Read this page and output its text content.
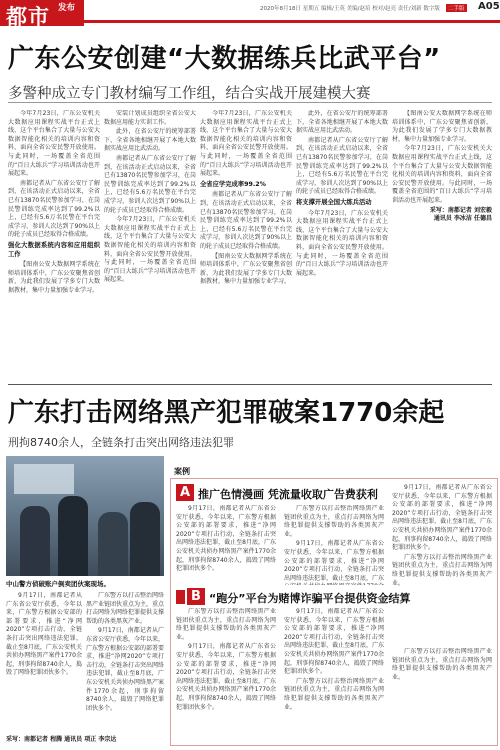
都市 发布	2020年8月18日 星期五 编辑/王英 美编/赵培 校对/赵亮 责任/刘新 数字版	二手版 A05
广东公安创建“大数据练兵比武平台”
多警种成立专门教材编写工作组，结合实战开展建模大赛

今年7月23日，广东公安机关大数据应用课程实战平台正式上线，这个平台集合了大量与公安大数据智能化相关的培训内容和资料，面向全省公安民警开放使用。与此同时，一场覆盖全省范围的“百日大练兵”学习培训活动也开展起来。

南都记者从广东省公安厅了解到，在该活动正式启动以来，全省已有13870名民警参加学习，在岗民警训练完成率达到了99.2%以上，已经有5.6万名民警在平台完成学习，参训人次达到了90%以上的轮子成员已经取得合格成绩。

强化大数据系统内容和应用组织工作

【图南公安大数据网学系统在师培训体系中，广东公安聚焦省创新，为此我们发展了学多专门大数据教材，集中力量加强专业学习。

安装计划成员组织全省公安大数据应用能力实训工作。

此外，在省公安厅的统筹部署下，全省各地相继开展了本地大数据实战应用比武活动。

南都记者从广东省公安厅了解到，在该活动正式启动以来，全省已有13870名民警参加学习，在岗民警训练完成率达到了99.2%以上，已经有5.6万名民警在平台完成学习，参训人次达到了90%以上的轮子成员已经取得合格成绩。

今年7月23日，广东公安机关大数据应用课程实战平台正式上线，这个平台集合了大量与公安大数据智能化相关的培训内容和资料，面向全省公安民警开放使用。与此同时，一场覆盖全省范围的“百日大练兵”学习培训活动也开展起来。

今年7月23日，广东公安机关大数据应用课程实战平台正式上线，这个平台集合了大量与公安大数据智能化相关的培训内容和资料，面向全省公安民警开放使用。与此同时，一场覆盖全省范围的“百日大练兵”学习培训活动也开展起来。

全省应学完成率99.2%

南都记者从广东省公安厅了解到，在该活动正式启动以来，全省已有13870名民警参加学习，在岗民警训练完成率达到了99.2%以上，已经有5.6万名民警在平台完成学习，参训人次达到了90%以上的轮子成员已经取得合格成绩。

【图南公安大数据网学系统在师培训体系中，广东公安聚焦省创新，为此我们发展了学多专门大数据教材，集中力量加强专业学习。

此外，在省公安厅的统筹部署下，全省各地相继开展了本地大数据实战应用比武活动。

南都记者从广东省公安厅了解到，在该活动正式启动以来，全省已有13870名民警参加学习，在岗民警训练完成率达到了99.2%以上，已经有5.6万名民警在平台完成学习，参训人次达到了90%以上的轮子成员已经取得合格成绩。

将支撑开展全国大练兵活动

今年7月23日，广东公安机关大数据应用课程实战平台正式上线，这个平台集合了大量与公安大数据智能化相关的培训内容和资料，面向全省公安民警开放使用。与此同时，一场覆盖全省范围的“百日大练兵”学习培训活动也开展起来。

【图南公安大数据网学系统在师培训体系中，广东公安聚焦省创新，为此我们发展了学多专门大数据教材，集中力量加强专业学习。

今年7月23日，广东公安机关大数据应用课程实战平台正式上线，这个平台集合了大量与公安大数据智能化相关的培训内容和资料，面向全省公安民警开放使用。与此同时，一场覆盖全省范围的“百日大练兵”学习培训活动也开展起来。

采写：南都记者 刘宏毅
通讯员 李冰洁 任德昌
广东打击网络黑产犯罪破案1770余起
刑拘8740余人，全链条打击突出网络违法犯罪
中山警方侦破账户倒卖团伙案现场。

9月17日，南都记者从广东省公安厅获悉，今年以来，广东警方根据公安部的部署要求，推进“净网2020”专项打击行动，全链条打击突出网络违法犯罪，截止至8月底，广东公安机关共侦办网络黑产案件1770余起，刑事拘留8740余人，捣毁了网络犯罪团伙多个。

广东警方以打击整治网络黑产业链团伙重点为主，重点打击网络为网络犯罪提供支撑帮助的各类黑灰产业。

9月17日，南都记者从广东省公安厅获悉，今年以来，广东警方根据公安部的部署要求，推进“净网2020”专项打击行动，全链条打击突出网络违法犯罪，截止至8月底，广东公安机关共侦办网络黑产案件1770余起，刑事拘留8740余人，捣毁了网络犯罪团伙多个。

采写：南都记者 程腾 通讯员 项正 李宗达
案例
A 推广色情漫画 凭流量收取广告费获利

9月17日，南都记者从广东省公安厅获悉，今年以来，广东警方根据公安部的部署要求，推进“净网2020”专项打击行动，全链条打击突出网络违法犯罪，截止至8月底，广东公安机关共侦办网络黑产案件1770余起，刑事拘留8740余人，捣毁了网络犯罪团伙多个。

广东警方以打击整治网络黑产业链团伙重点为主，重点打击网络为网络犯罪提供支撑帮助的各类黑灰产业。

9月17日，南都记者从广东省公安厅获悉，今年以来，广东警方根据公安部的部署要求，推进“净网2020”专项打击行动，全链条打击突出网络违法犯罪，截止至8月底，广东

9月17日，南都记者从广东省公安厅获悉，今年以来，广东警方根据公安部的部署要求，推进“净网2020”专项打击行动，全链条打击突出网络违法犯罪，截止至8月底，广东公安机关共侦办网络黑产案件1770余起，刑事拘留8740余人，捣毁了网络犯罪团伙多个。

广东警方以打击整治网络黑产业链团伙重点为主，重点打击网络为网络犯罪提供支撑帮助的各类黑灰产业。

B “跑分”平台为赌博诈骗平台提供资金结算

广东警方以打击整治网络黑产业链团伙重点为主，重点打击网络为网络犯罪提供支撑帮助的各类黑灰产业。

9月17日，南都记者从广东省公安厅获悉，今年以来，广东警方根据公安部的部署要求，推进“净网2020”专项打击行动，全链条打击突出网络违法犯罪，截止至8月底，广东公安机关共侦办网络黑产案件1770余起，刑事拘留8740余人，捣毁了网络犯罪团伙多个。

9月17日，南都记者从广东省公安厅获悉，今年以来，广东警方根据公安部的部署要求，推进“净网2020”专项打击行动，全链条打击突出网络违法犯罪，截止至8月底，广东公安机关共侦办网络黑产案件1770余起，刑事拘留8740余人，捣毁了网络犯罪团伙多个。

广东警方以打击整治网络黑产业链团伙重点为主，重点打击网络为网络犯罪提供支撑帮助的各类黑灰产业。

广东警方以打击整治网络黑产业链团伙重点为主，重点打击网络为网络犯罪提供支撑帮助的各类黑灰产业。
